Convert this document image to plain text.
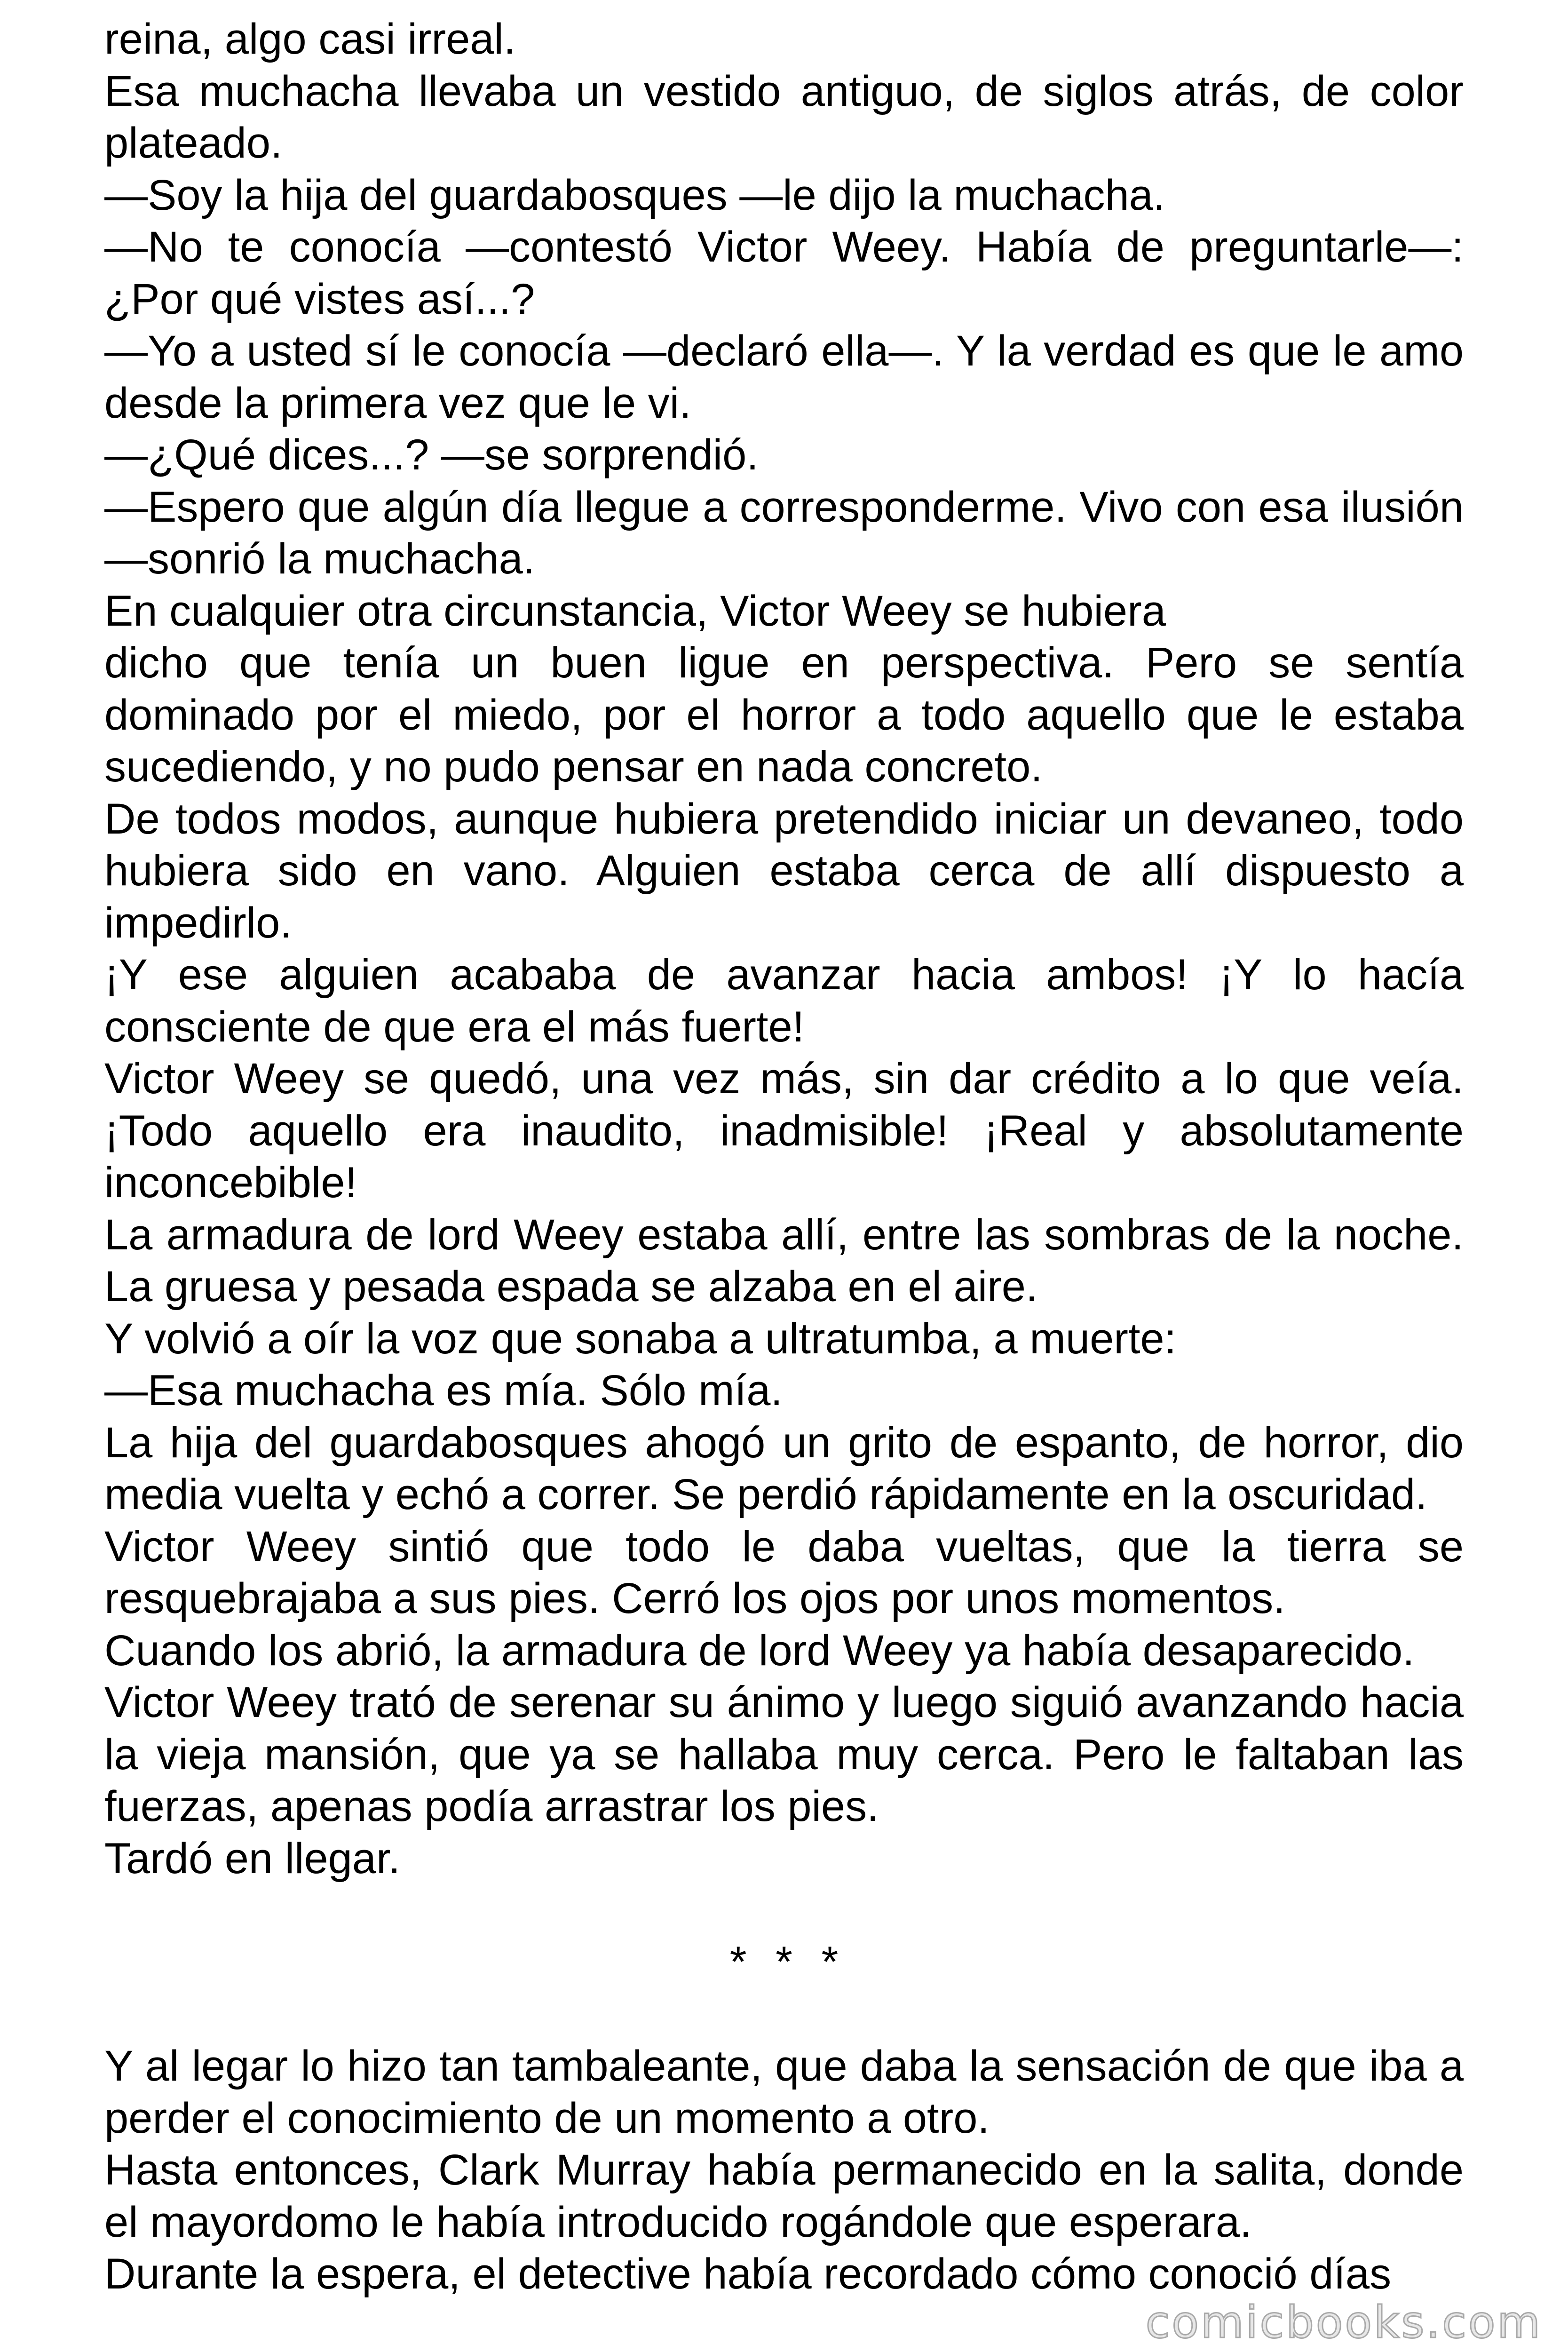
reina, algo casi irreal.

Esa muchacha llevaba un vestido antiguo, de siglos atrás, de color plateado.

—Soy la hija del guardabosques —le dijo la muchacha.

—No te conocía —contestó Victor Weey. Había de preguntarle—: ¿Por qué vistes así...?

—Yo a usted sí le conocía —declaró ella—. Y la verdad es que le amo desde la primera vez que le vi.

—¿Qué dices...? —se sorprendió.

—Espero que algún día llegue a corresponderme. Vivo con esa ilusión —sonrió la muchacha.

En cualquier otra circunstancia, Victor Weey se hubiera

dicho que tenía un buen ligue en perspectiva. Pero se sentía dominado por el miedo, por el horror a todo aquello que le estaba sucediendo, y no pudo pensar en nada concreto.

De todos modos, aunque hubiera pretendido iniciar un devaneo, todo hubiera sido en vano. Alguien estaba cerca de allí dispuesto a impedirlo.

¡Y ese alguien acababa de avanzar hacia ambos! ¡Y lo hacía consciente de que era el más fuerte!

Victor Weey se quedó, una vez más, sin dar crédito a lo que veía. ¡Todo aquello era inaudito, inadmisible! ¡Real y absolutamente inconcebible!

La armadura de lord Weey estaba allí, entre las sombras de la noche. La gruesa y pesada espada se alzaba en el aire.

Y volvió a oír la voz que sonaba a ultratumba, a muerte:

—Esa muchacha es mía. Sólo mía.

La hija del guardabosques ahogó un grito de espanto, de horror, dio media vuelta y echó a correr. Se perdió rápidamente en la oscuridad.

Victor Weey sintió que todo le daba vueltas, que la tierra se resquebrajaba a sus pies. Cerró los ojos por unos momentos.

Cuando los abrió, la armadura de lord Weey ya había desaparecido.

Victor Weey trató de serenar su ánimo y luego siguió avanzando hacia la vieja mansión, que ya se hallaba muy cerca. Pero le faltaban las fuerzas, apenas podía arrastrar los pies.

Tardó en llegar.

* * *

Y al legar lo hizo tan tambaleante, que daba la sensación de que iba a perder el conocimiento de un momento a otro.

Hasta entonces, Clark Murray había permanecido en la salita, donde el mayordomo le había introducido rogándole que esperara.

Durante la espera, el detective había recordado cómo conoció días

comicbooks.com
